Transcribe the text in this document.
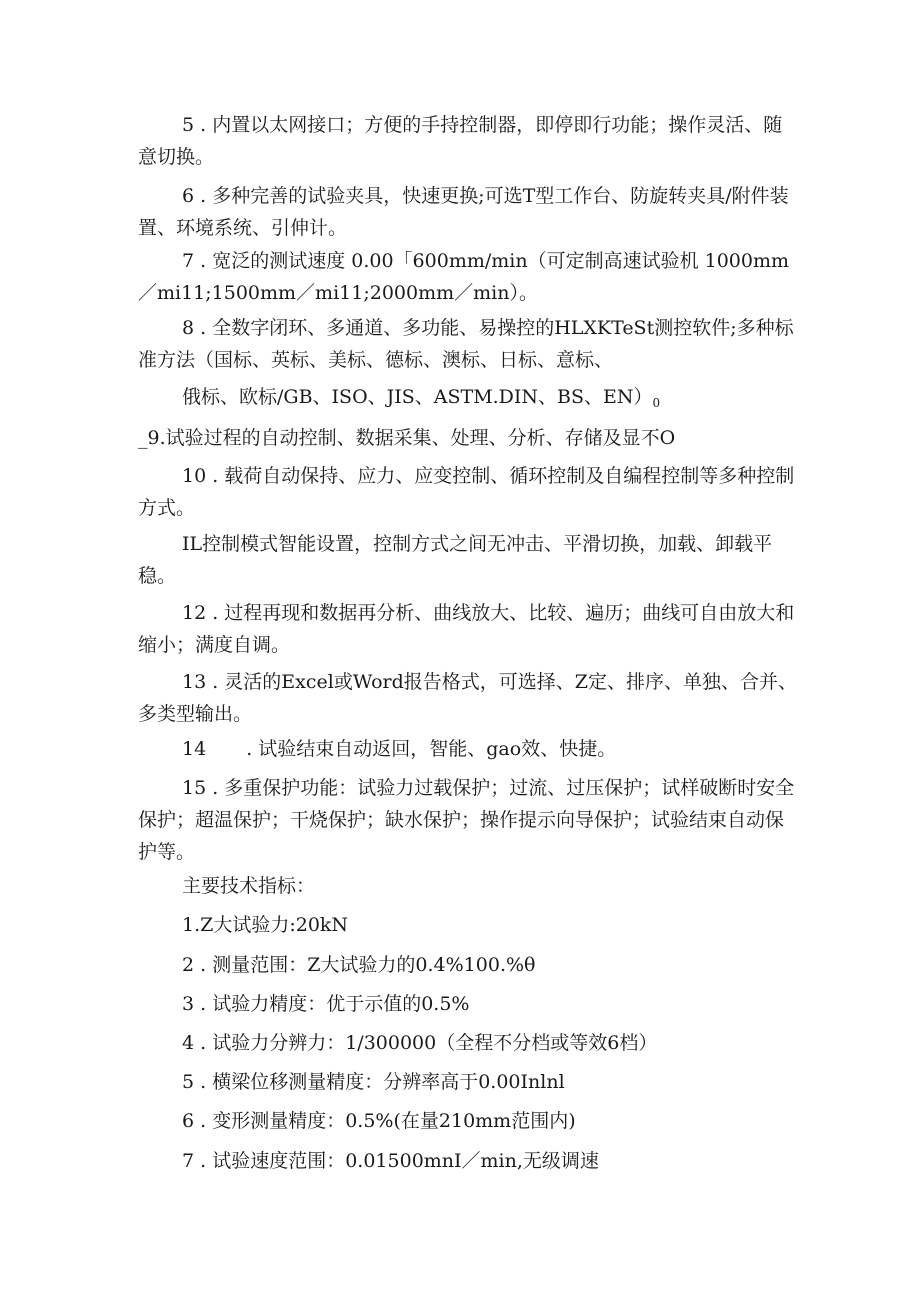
5 . 内置以太网接口；方便的手持控制器，即停即行功能；操作灵活、随意切换。

6 . 多种完善的试验夹具，快速更换;可选T型工作台、防旋转夹具/附件装置、环境系统、引伸计。

7 . 宽泛的测试速度 0.00「600mm/min（可定制高速试验机 1000mm／mi11;1500mm／mi11;2000mm／min）。

8 . 全数字闭环、多通道、多功能、易操控的HLXKTeSt测控软件;多种标准方法（国标、英标、美标、德标、澳标、日标、意标、

俄标、欧标/GB、ISO、JIS、ASTM.DIN、BS、$EN)_0$

_9.试验过程的自动控制、数据采集、处理、分析、存储及显不O

10 . 载荷自动保持、应力、应变控制、循环控制及自编程控制等多种控制方式。

IL控制模式智能设置，控制方式之间无冲击、平滑切换，加载、卸载平稳。

12 . 过程再现和数据再分析、曲线放大、比较、遍历；曲线可自由放大和缩小；满度自调。

13 . 灵活的Excel或Word报告格式，可选择、Z定、排序、单独、合并、多类型输出。

14 . 试验结束自动返回，智能、gao效、快捷。

15 . 多重保护功能：试验力过载保护；过流、过压保护；试样破断时安全保护；超温保护；干烧保护；缺水保护；操作提示向导保护；试验结束自动保护等。

主要技术指标：

1.Z大试验力:20kN

2 . 测量范围：Z大试验力的0.4%100.%θ

3 . 试验力精度：优于示值的0.5%

4 . 试验力分辨力：1/300000（全程不分档或等效6档）

5 . 横梁位移测量精度：分辨率高于0.00Inlnl

6 . 变形测量精度：0.5%(在量210mm范围内)

7 . 试验速度范围：0.01500mnI／min,无级调速
